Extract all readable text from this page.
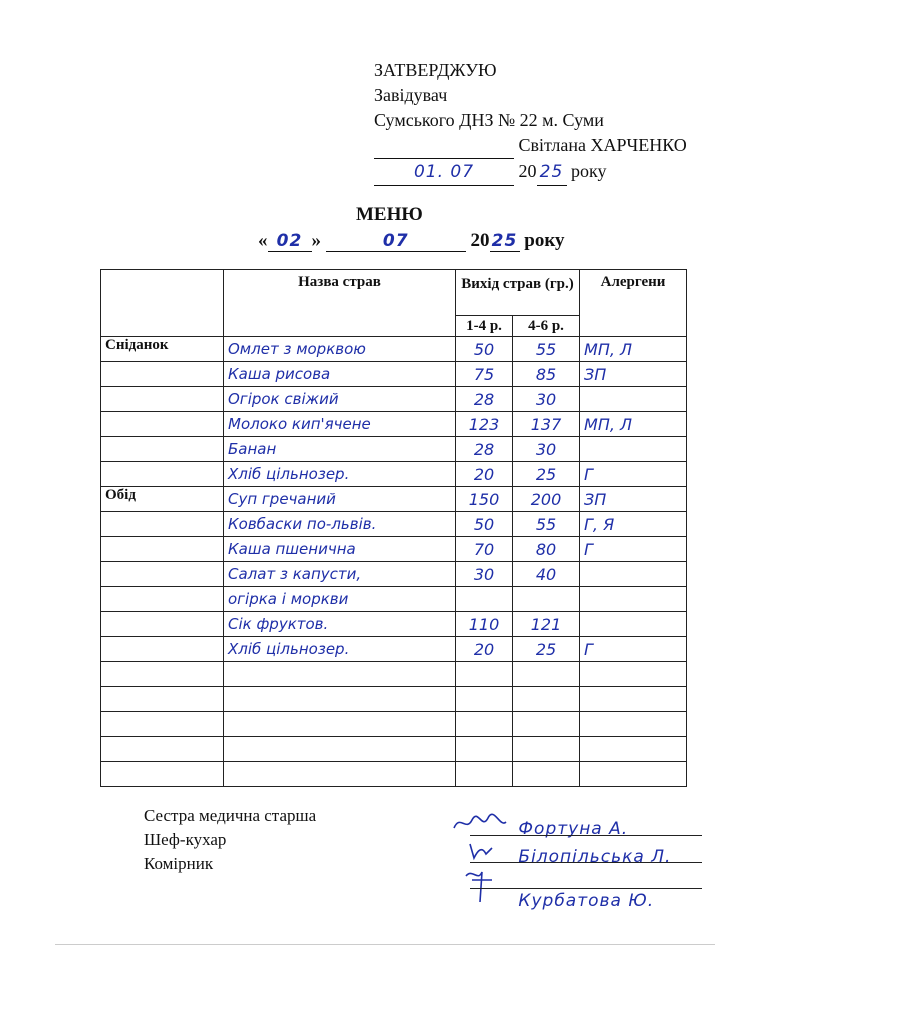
ЗАТВЕРДЖУЮ
Завідувач
Сумського ДНЗ № 22 м. Суми
Світлана ХАРЧЕНКО
01. 07 20 25 року
МЕНЮ
« 02 »	07	20 25 року
	Назва страв	Вихід страв (гр.)		Алергени
		1-4 р.	4-6 р.	
Сніданок	Омлет з морквою	50	55	МП, Л
	Каша рисова	75	85	ЗП
	Огірок свіжий	28	30	
	Молоко кип'ячене	123	137	МП, Л
	Банан	28	30	
	Хліб цільнозер.	20	25	Г
Обід	Суп гречаний	150	200	ЗП
	Ковбаски по-львів.	50	55	Г, Я
	Каша пшенична	70	80	Г
	Салат з капусти,	30	40	
	огірка і моркви			
	Сік фруктов.	110	121	
	Хліб цільнозер.	20	25	Г

Сестра медична старша
Шеф-кухар
Комірник
Фортуна А.
Білопільська Л.
Курбатова Ю.
